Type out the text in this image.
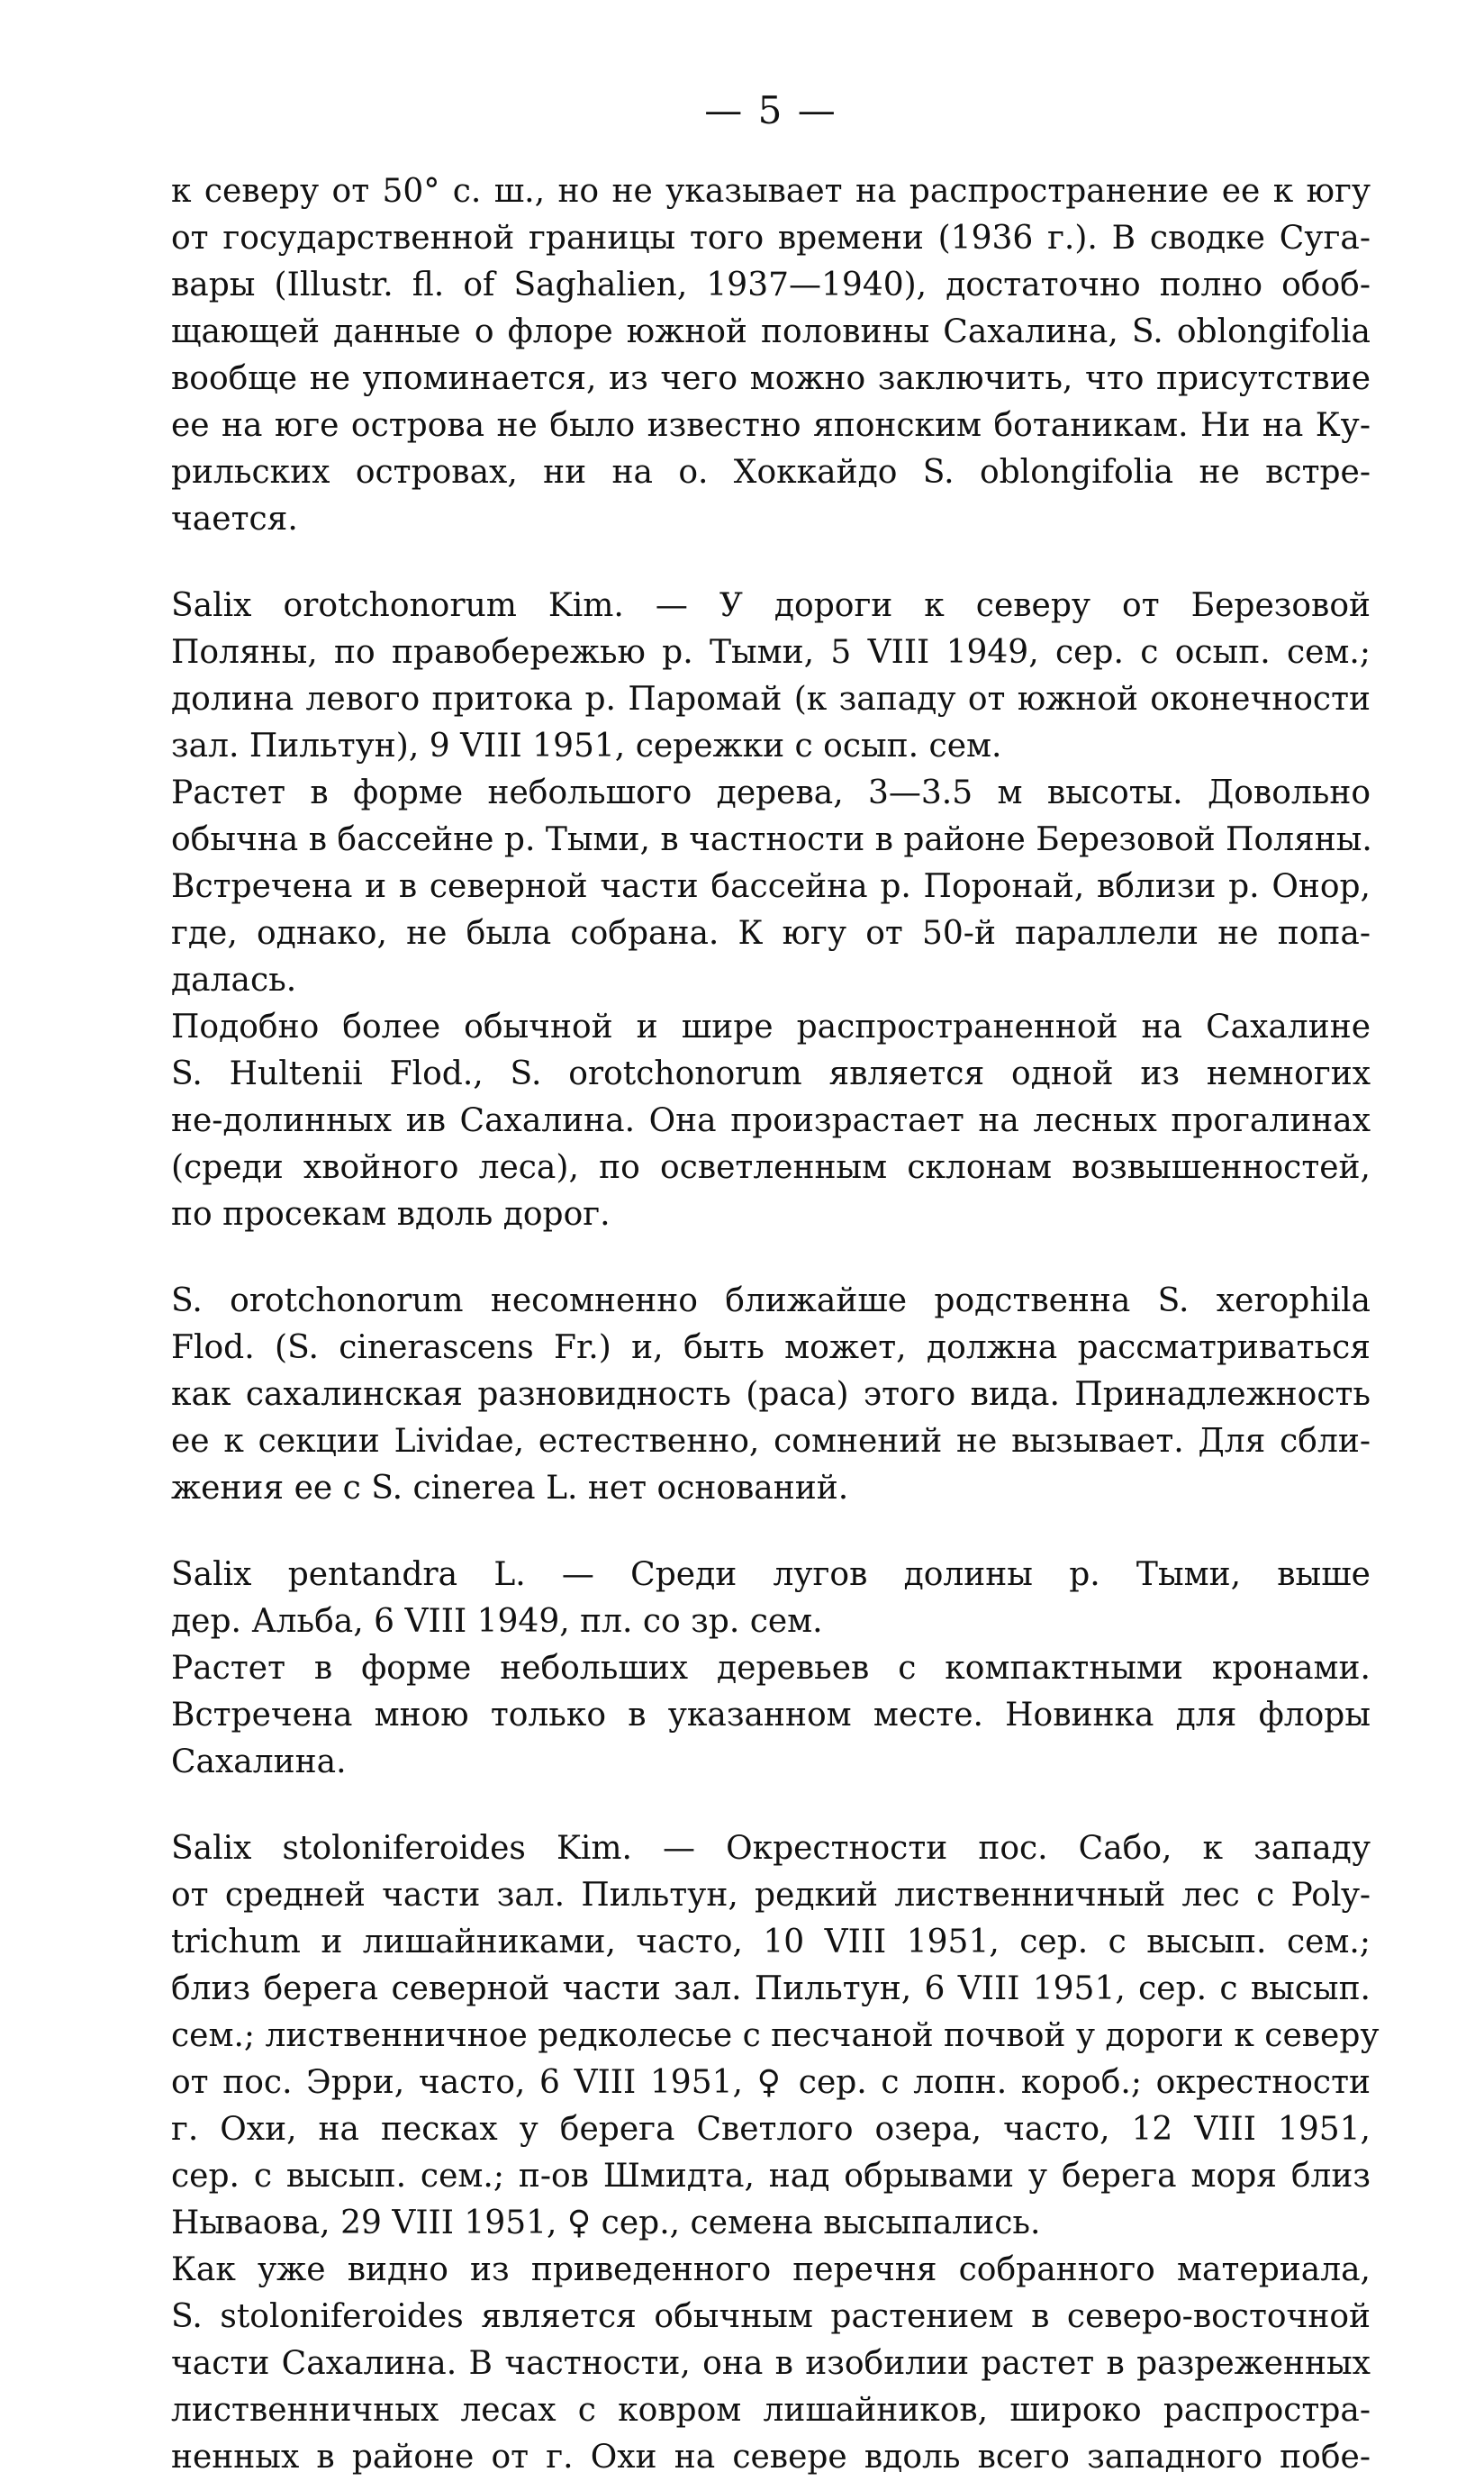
— 5 —
к северу от 50° с. ш., но не указывает на распространение ее к югу
от государственной границы того времени (1936 г.). В сводке Суга-
вары (Illustr. fl. of Saghalien, 1937—1940), достаточно полно обоб-
щающей данные о флоре южной половины Сахалина, S. oblongifolia
вообще не упоминается, из чего можно заключить, что присутствие
ее на юге острова не было известно японским ботаникам. Ни на Ку-
рильских островах, ни на о. Хоккайдо S. oblongifolia не встре-
чается.
Salix orotchonorum Kim. — У дороги к северу от Березовой
Поляны, по правобережью р. Тыми, 5 VIII 1949, сер. с осып. сем.;
долина левого притока р. Паромай (к западу от южной оконечности
зал. Пильтун), 9 VIII 1951, сережки с осып. сем.
Растет в форме небольшого дерева, 3—3.5 м высоты. Довольно
обычна в бассейне р. Тыми, в частности в районе Березовой Поляны.
Встречена и в северной части бассейна р. Поронай, вблизи р. Онор,
где, однако, не была собрана. К югу от 50-й параллели не попа-
далась.
Подобно более обычной и шире распространенной на Сахалине
S. Hultenii Flod., S. orotchonorum является одной из немногих
не-долинных ив Сахалина. Она произрастает на лесных прогалинах
(среди хвойного леса), по осветленным склонам возвышенностей,
по просекам вдоль дорог.
S. orotchonorum несомненно ближайше родственна S. xerophila
Flod. (S. cinerascens Fr.) и, быть может, должна рассматриваться
как сахалинская разновидность (раса) этого вида. Принадлежность
ее к секции Lividae, естественно, сомнений не вызывает. Для сбли-
жения ее с S. cinerea L. нет оснований.
Salix pentandra L. — Среди лугов долины р. Тыми, выше
дер. Альба, 6 VIII 1949, пл. со зр. сем.
Растет в форме небольших деревьев с компактными кронами.
Встречена мною только в указанном месте. Новинка для флоры
Сахалина.
Salix stoloniferoides Kim. — Окрестности пос. Сабо, к западу
от средней части зал. Пильтун, редкий лиственничный лес с Poly-
trichum и лишайниками, часто, 10 VIII 1951, сер. с высып. сем.;
близ берега северной части зал. Пильтун, 6 VIII 1951, сер. с высып.
сем.; лиственничное редколесье с песчаной почвой у дороги к северу
от пос. Эрри, часто, 6 VIII 1951, ♀ сер. с лопн. короб.; окрестности
г. Охи, на песках у берега Светлого озера, часто, 12 VIII 1951,
сер. с высып. сем.; п-ов Шмидта, над обрывами у берега моря близ
Нываова, 29 VIII 1951, ♀ сер., семена высыпались.
Как уже видно из приведенного перечня собранного материала,
S. stoloniferoides является обычным растением в северо-восточной
части Сахалина. В частности, она в изобилии растет в разреженных
лиственничных лесах с ковром лишайников, широко распростра-
ненных в районе от г. Охи на севере вдоль всего западного побе-
